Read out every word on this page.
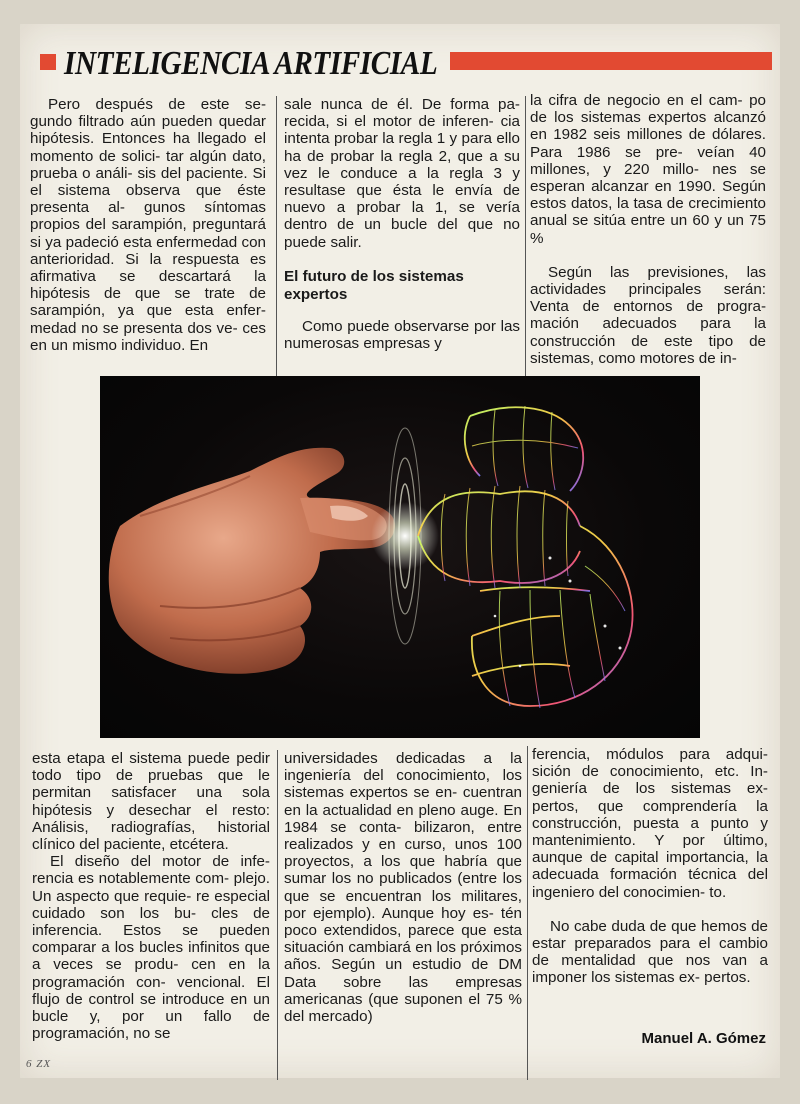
INTELIGENCIA ARTIFICIAL

Pero después de este se- gundo filtrado aún pueden quedar hipótesis. Entonces ha llegado el momento de solici- tar algún dato, prueba o análi- sis del paciente. Si el sistema observa que éste presenta al- gunos síntomas propios del sarampión, preguntará si ya padeció esta enfermedad con anterioridad. Si la respuesta es afirmativa se descartará la hipótesis de que se trate de sarampión, ya que esta enfer- medad no se presenta dos ve- ces en un mismo individuo. En

sale nunca de él. De forma pa- recida, si el motor de inferen- cia intenta probar la regla 1 y para ello ha de probar la regla 2, que a su vez le conduce a la regla 3 y resultase que ésta le envía de nuevo a probar la 1, se vería dentro de un bucle del que no puede salir.

El futuro de los sistemas expertos

Como puede observarse por las numerosas empresas y

la cifra de negocio en el cam- po de los sistemas expertos alcanzó en 1982 seis millones de dólares. Para 1986 se pre- veían 40 millones, y 220 millo- nes se esperan alcanzar en 1990. Según estos datos, la tasa de crecimiento anual se sitúa entre un 60 y un 75 %

Según las previsiones, las actividades principales serán: Venta de entornos de progra- mación adecuados para la construcción de este tipo de sistemas, como motores de in-

esta etapa el sistema puede pedir todo tipo de pruebas que le permitan satisfacer una sola hipótesis y desechar el resto: Análisis, radiografías, historial clínico del paciente, etcétera.

El diseño del motor de infe- rencia es notablemente com- plejo. Un aspecto que requie- re especial cuidado son los bu- cles de inferencia. Estos se pueden comparar a los bucles infinitos que a veces se produ- cen en la programación con- vencional. El flujo de control se introduce en un bucle y, por un fallo de programación, no se

universidades dedicadas a la ingeniería del conocimiento, los sistemas expertos se en- cuentran en la actualidad en pleno auge. En 1984 se conta- bilizaron, entre realizados y en curso, unos 100 proyectos, a los que habría que sumar los no publicados (entre los que se encuentran los militares, por ejemplo). Aunque hoy es- tén poco extendidos, parece que esta situación cambiará en los próximos años. Según un estudio de DM Data sobre las empresas americanas (que suponen el 75 % del mercado)

ferencia, módulos para adqui- sición de conocimiento, etc. In- geniería de los sistemas ex- pertos, que comprendería la construcción, puesta a punto y mantenimiento. Y por último, aunque de capital importancia, la adecuada formación técnica del ingeniero del conocimien- to.

No cabe duda de que hemos de estar preparados para el cambio de mentalidad que nos van a imponer los sistemas ex- pertos.

Manuel A. Gómez
6 ZX
